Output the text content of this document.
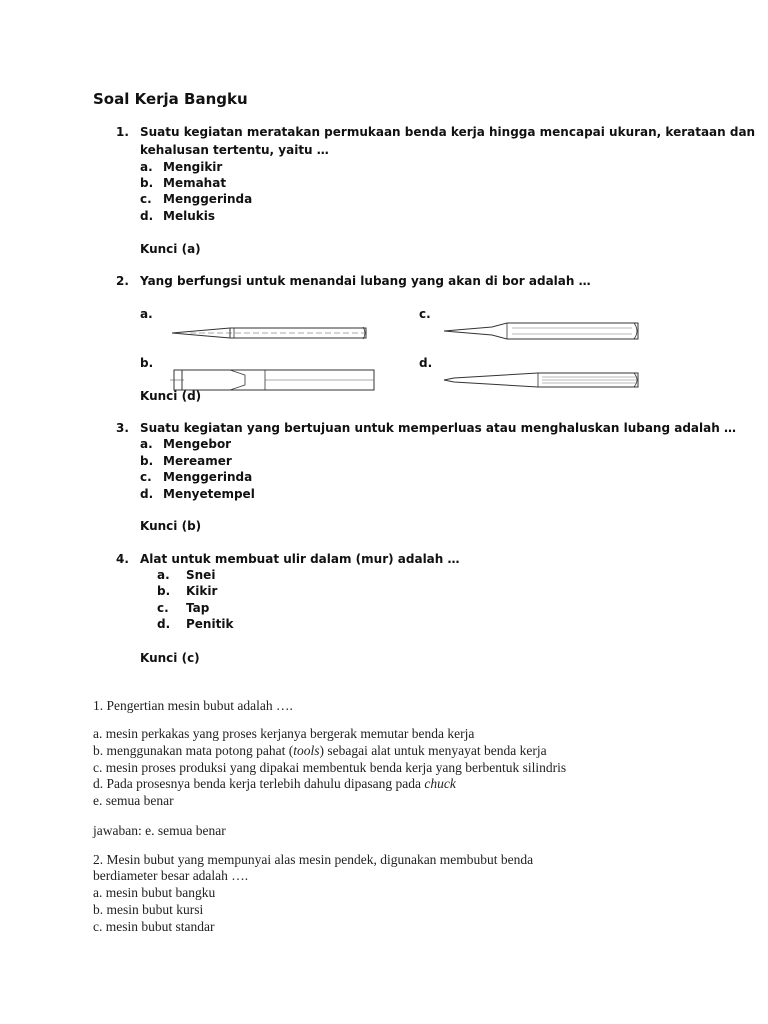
Soal Kerja Bangku
1. Suatu kegiatan meratakan permukaan benda kerja hingga mencapai ukuran, kerataan dan
kehalusan tertentu, yaitu …
a. Mengikir
b. Memahat
c. Menggerinda
d. Melukis
Kunci (a)
2. Yang berfungsi untuk menandai lubang yang akan di bor adalah …
a.	c.
b.	d.
Kunci (d)
3. Suatu kegiatan yang bertujuan untuk memperluas atau menghaluskan lubang adalah …
a. Mengebor
b. Mereamer
c. Menggerinda
d. Menyetempel
Kunci (b)
4. Alat untuk membuat ulir dalam (mur) adalah …
a. Snei
b. Kikir
c. Tap
d. Penitik
Kunci (c)
1. Pengertian mesin bubut adalah ….
a. mesin perkakas yang proses kerjanya bergerak memutar benda kerja
b. menggunakan mata potong pahat (tools) sebagai alat untuk menyayat benda kerja
c. mesin proses produksi yang dipakai membentuk benda kerja yang berbentuk silindris
d. Pada prosesnya benda kerja terlebih dahulu dipasang pada chuck
e. semua benar
jawaban: e. semua benar
2. Mesin bubut yang mempunyai alas mesin pendek, digunakan membubut benda
berdiameter besar adalah ….
a. mesin bubut bangku
b. mesin bubut kursi
c. mesin bubut standar
